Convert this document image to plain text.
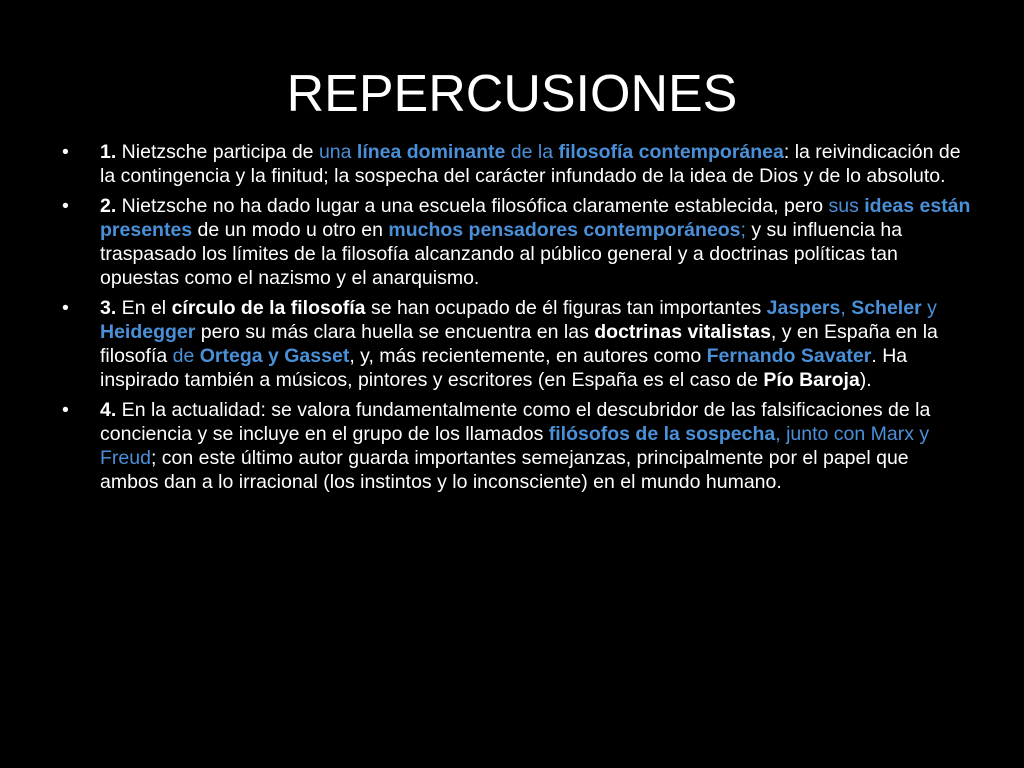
REPERCUSIONES
•	1. Nietzsche participa de una línea dominante de la filosofía contemporánea: la reivindicación de la contingencia y la finitud; la sospecha del carácter infundado de la idea de Dios y de lo absoluto.
•	2. Nietzsche no ha dado lugar a una escuela filosófica claramente establecida, pero sus ideas están presentes de un modo u otro en muchos pensadores contemporáneos; y su influencia ha traspasado los límites de la filosofía alcanzando al público general y a doctrinas políticas tan opuestas como el nazismo y el anarquismo.
•	3. En el círculo de la filosofía se han ocupado de él figuras tan importantes Jaspers, Scheler y Heidegger pero su más clara huella se encuentra en las doctrinas vitalistas, y en España en la filosofía de Ortega y Gasset, y, más recientemente, en autores como Fernando Savater. Ha inspirado también a músicos, pintores y escritores (en España es el caso de Pío Baroja).
•	4. En la actualidad: se valora fundamentalmente como el descubridor de las falsificaciones de la conciencia y se incluye en el grupo de los llamados filósofos de la sospecha, junto con Marx y Freud; con este último autor guarda importantes semejanzas, principalmente por el papel que ambos dan a lo irracional (los instintos y lo inconsciente) en el mundo humano.
